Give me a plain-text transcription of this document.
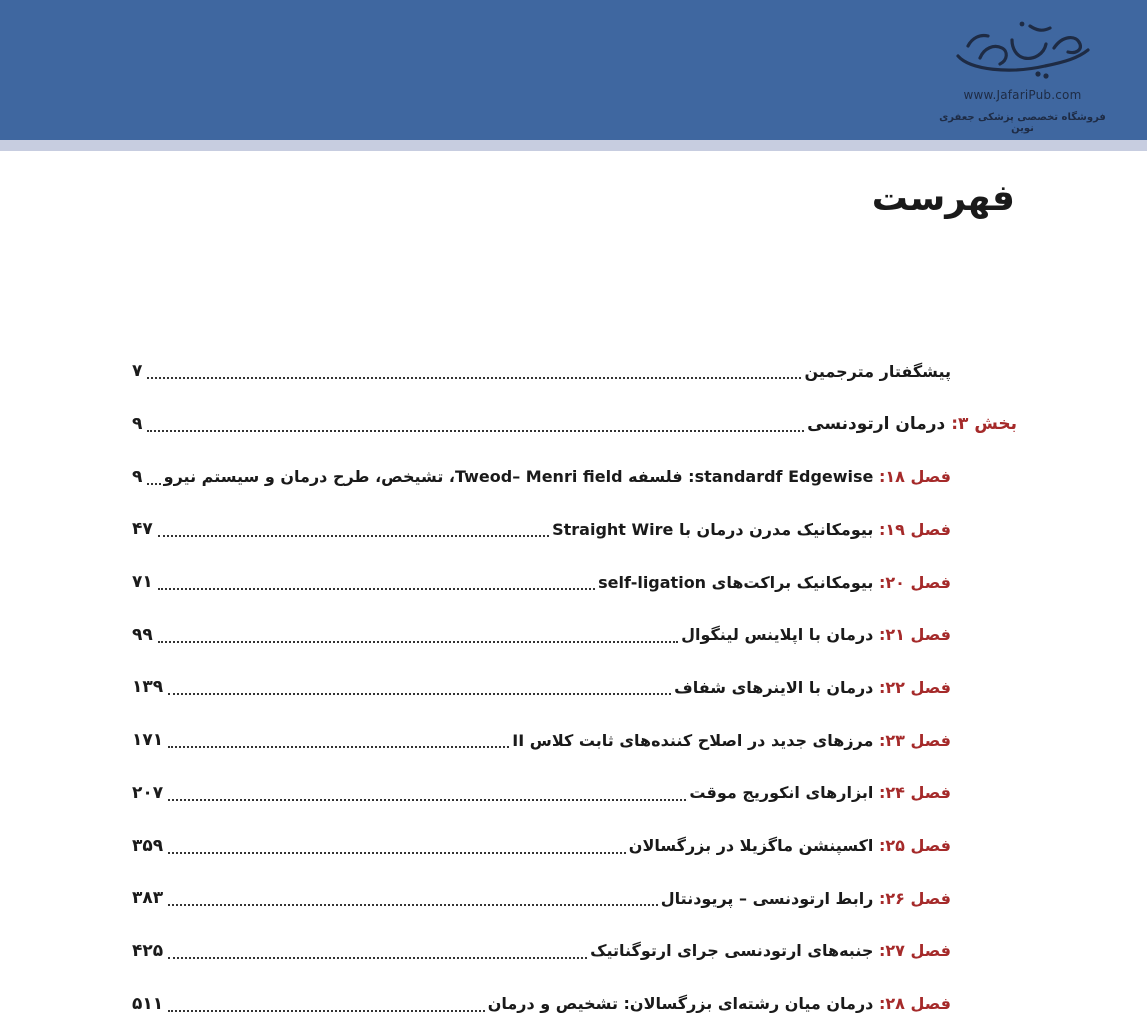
www.JafariPub.com
فروشگاه تخصصی پزشکی جعفری نوین
فهرست
۷	پیشگفتار مترجمین
۹	بخش ۳: درمان ارتودنسی
۹	فصل ۱۸: standardf Edgewise: فلسفه Tweod– Menri field، تشیخص، طرح درمان و سیستم نیرو
۴۷	فصل ۱۹: بیومکانیک مدرن درمان با Straight Wire
۷۱	فصل ۲۰: بیومکانیک براکت‌های self-ligation
۹۹	فصل ۲۱: درمان با اپلاینس لینگوال
۱۳۹	فصل ۲۲: درمان با الاینرهای شفاف
۱۷۱	فصل ۲۳: مرزهای جدید در اصلاح کننده‌های ثابت کلاس II
۲۰۷	فصل ۲۴: ابزارهای انکوریج موقت
۳۵۹	فصل ۲۵: اکسپنشن ماگزیلا در بزرگسالان
۳۸۳	فصل ۲۶: رابط ارتودنسی – پریودنتال
۴۲۵	فصل ۲۷: جنبه‌های ارتودنسی جرای ارتوگناتیک
۵۱۱	فصل ۲۸: درمان میان رشته‌ای بزرگسالان: تشخیص و درمان
